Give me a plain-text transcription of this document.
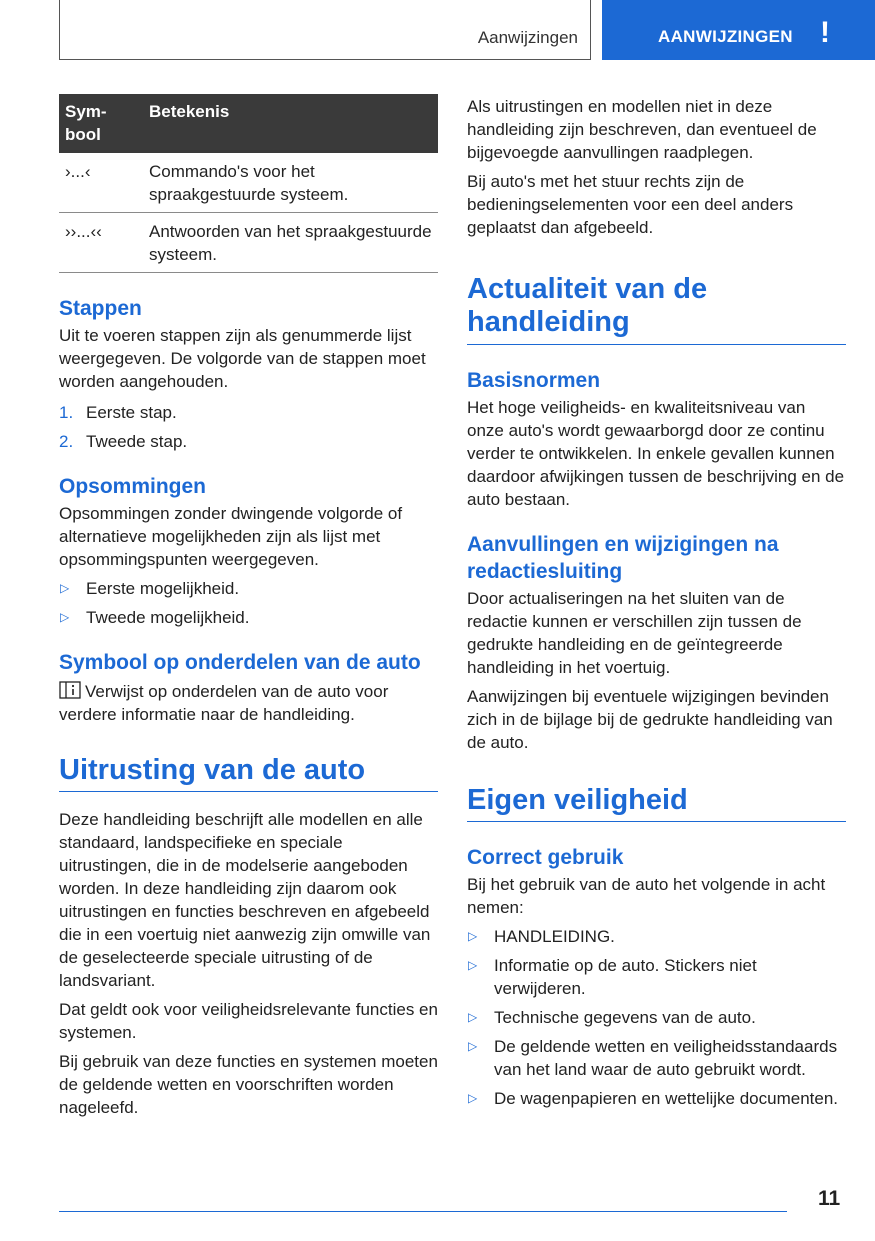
Aanwijzingen	AANWIJZINGEN !
Sym-
bool	Betekenis
›...‹	Commando's voor het spraakgestuurde systeem.
››...‹‹	Antwoorden van het spraakgestuurde systeem.
Stappen

Uit te voeren stappen zijn als genummerde lijst weergegeven. De volgorde van de stappen moet worden aangehouden.

1. Eerste stap.
2. Tweede stap.
Opsommingen

Opsommingen zonder dwingende volgorde of alternatieve mogelijkheden zijn als lijst met opsommingspunten weergegeven.

▷ Eerste mogelijkheid.
▷ Tweede mogelijkheid.
Symbool op onderdelen van de auto

Verwijst op onderdelen van de auto voor verdere informatie naar de handleiding.

Uitrusting van de auto

Deze handleiding beschrijft alle modellen en alle standaard, landspecifieke en speciale uitrustingen, die in de modelserie aangeboden worden. In deze handleiding zijn daarom ook uitrustingen en functies beschreven en afgebeeld die in een voertuig niet aanwezig zijn omwille van de geselecteerde speciale uitrusting of de landsvariant.

Dat geldt ook voor veiligheidsrelevante functies en systemen.

Bij gebruik van deze functies en systemen moeten de geldende wetten en voorschriften worden nageleefd.

Als uitrustingen en modellen niet in deze handleiding zijn beschreven, dan eventueel de bijgevoegde aanvullingen raadplegen.

Bij auto's met het stuur rechts zijn de bedieningselementen voor een deel anders geplaatst dan afgebeeld.

Actualiteit van de handleiding
Basisnormen

Het hoge veiligheids- en kwaliteitsniveau van onze auto's wordt gewaarborgd door ze continu verder te ontwikkelen. In enkele gevallen kunnen daardoor afwijkingen tussen de beschrijving en de auto bestaan.

Aanvullingen en wijzigingen na redactiesluiting

Door actualiseringen na het sluiten van de redactie kunnen er verschillen zijn tussen de gedrukte handleiding en de geïntegreerde handleiding in het voertuig.

Aanwijzingen bij eventuele wijzigingen bevinden zich in de bijlage bij de gedrukte handleiding van de auto.

Eigen veiligheid
Correct gebruik

Bij het gebruik van de auto het volgende in acht nemen:

▷ HANDLEIDING.
▷ Informatie op de auto. Stickers niet verwijderen.
▷ Technische gegevens van de auto.
▷ De geldende wetten en veiligheidsstandaards van het land waar de auto gebruikt wordt.
▷ De wagenpapieren en wettelijke documenten.
11
